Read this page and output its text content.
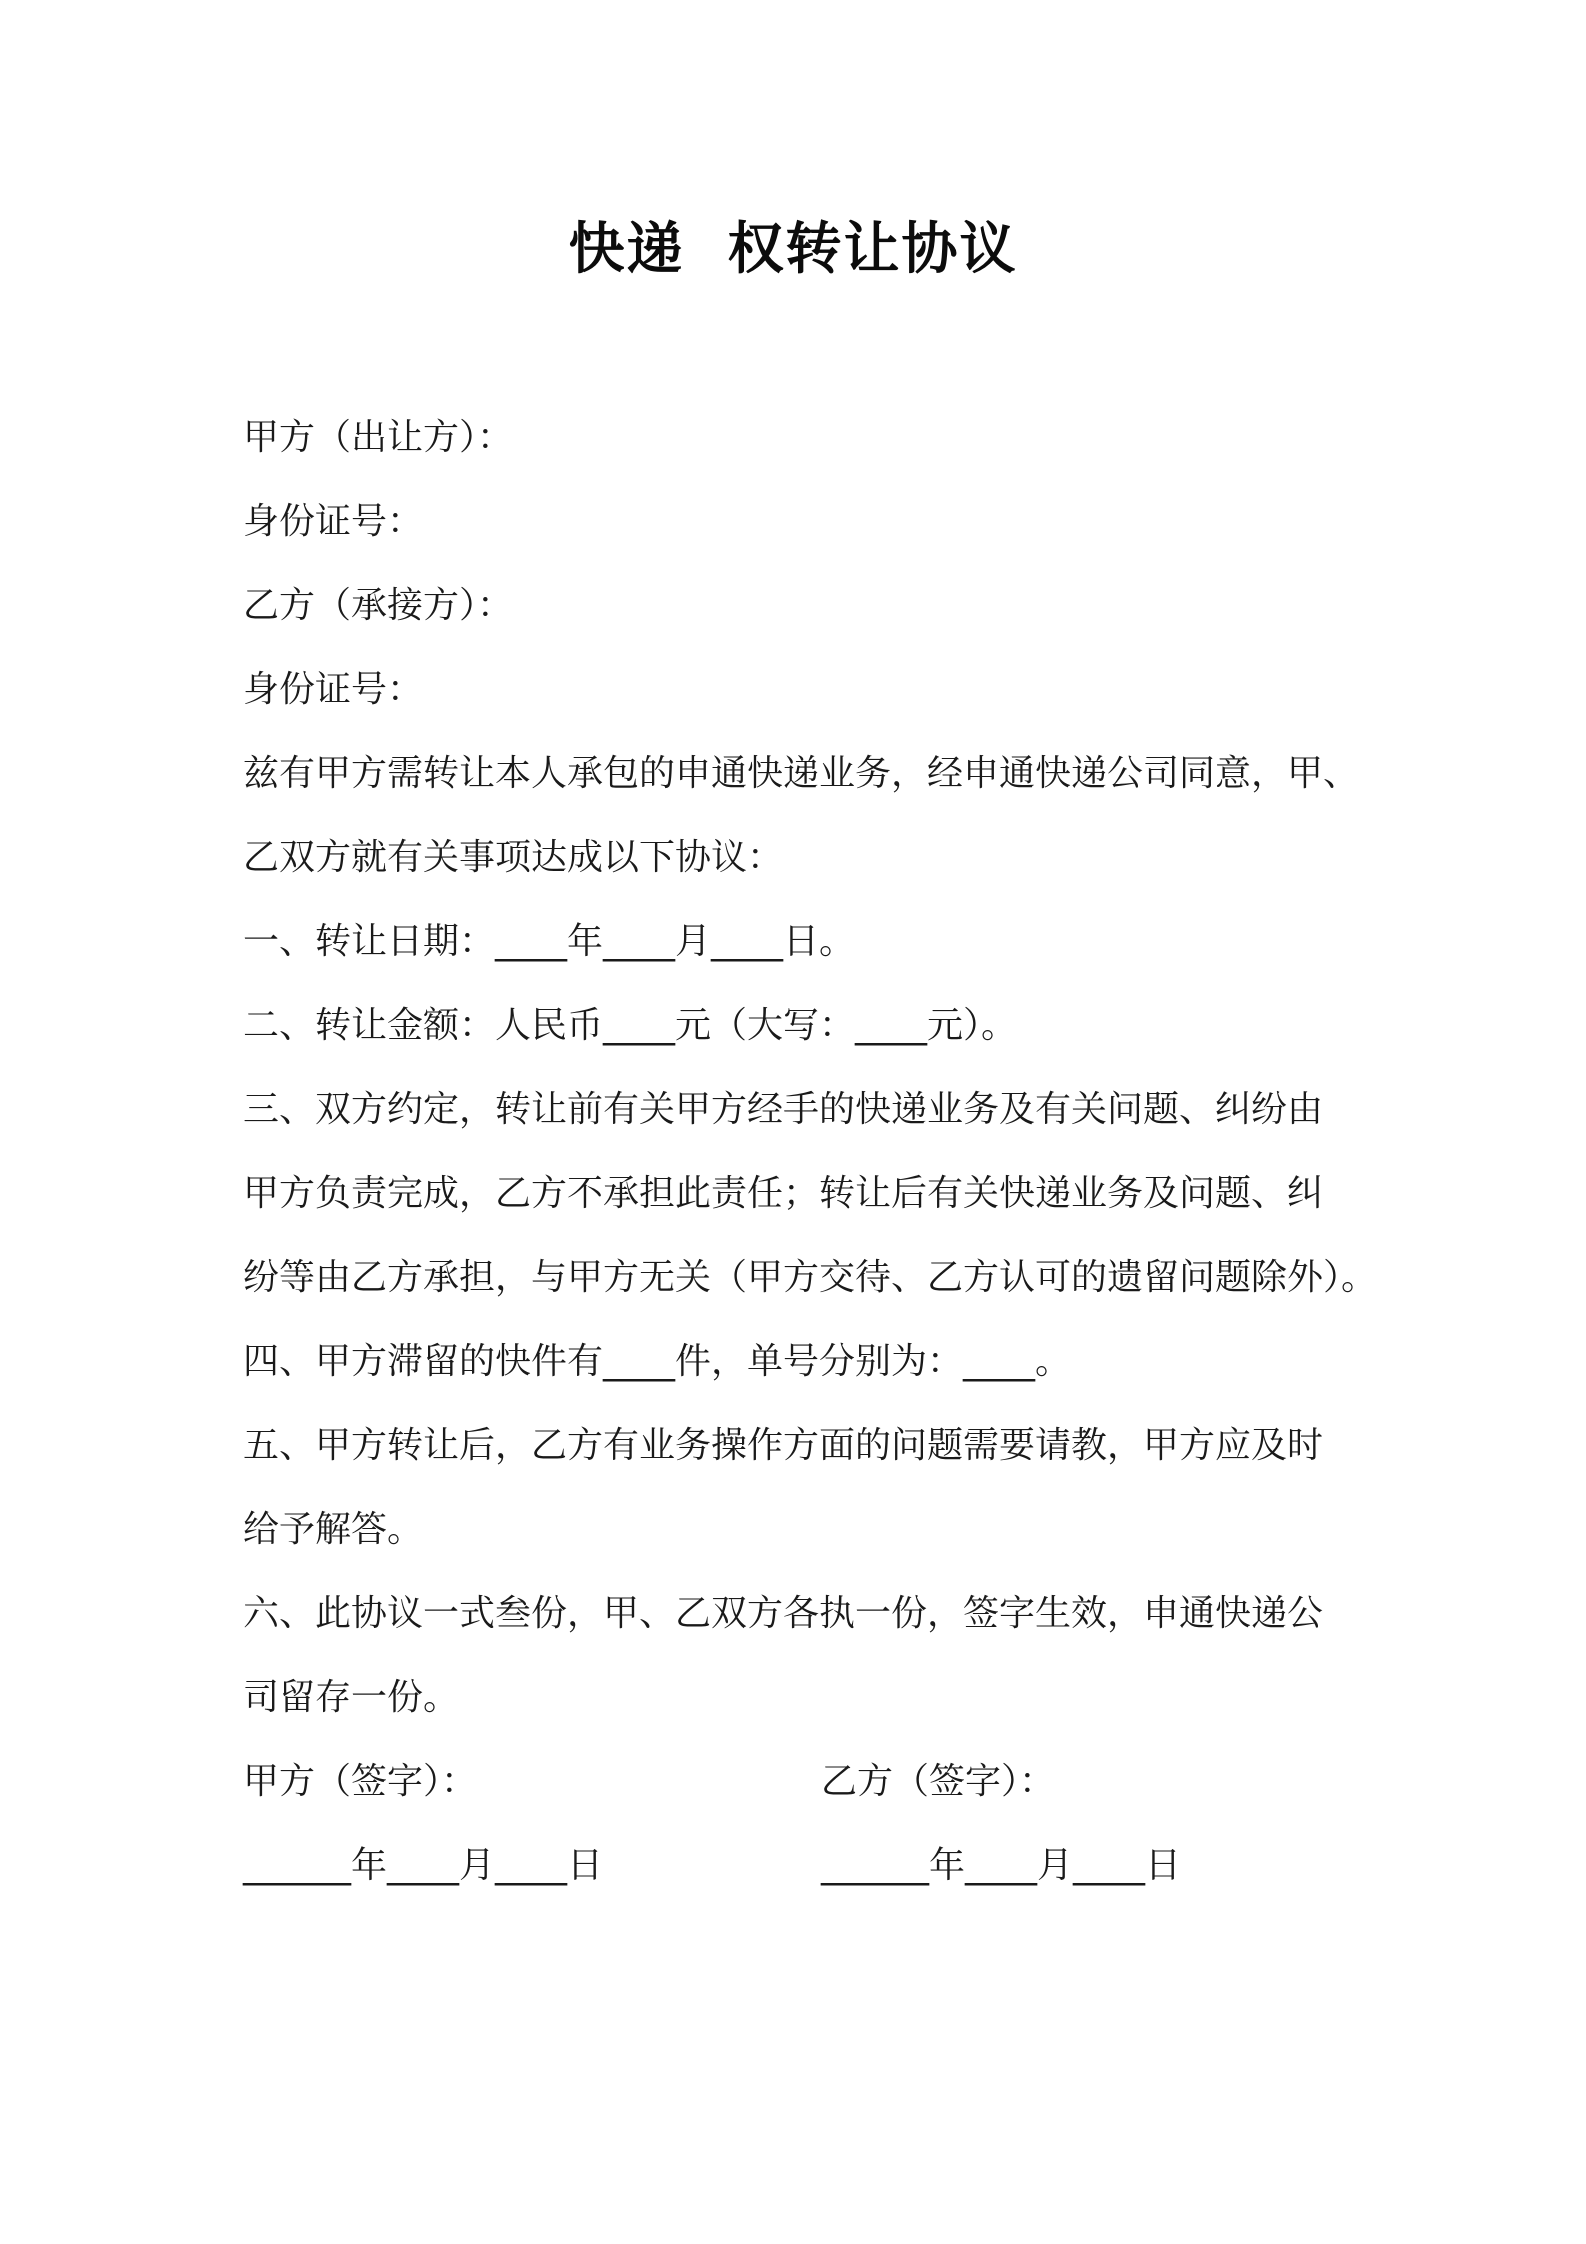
快递  权转让协议
甲方（出让方）：
身份证号：
乙方（承接方）：
身份证号：
兹有甲方需转让本人承包的申通快递业务，经申通快递公司同意，甲、
乙双方就有关事项达成以下协议：
一、转让日期：____年____月____日。
二、转让金额：人民币____元（大写：____元）。
三、双方约定，转让前有关甲方经手的快递业务及有关问题、纠纷由
甲方负责完成，乙方不承担此责任；转让后有关快递业务及问题、纠
纷等由乙方承担，与甲方无关（甲方交待、乙方认可的遗留问题除外）。
四、甲方滞留的快件有____件，单号分别为：____。
五、甲方转让后，乙方有业务操作方面的问题需要请教，甲方应及时
给予解答。
六、此协议一式叁份，甲、乙双方各执一份，签字生效，申通快递公
司留存一份。

甲方（签字）：

	乙方（签字）：

______年____月____日

	______年____月____日
